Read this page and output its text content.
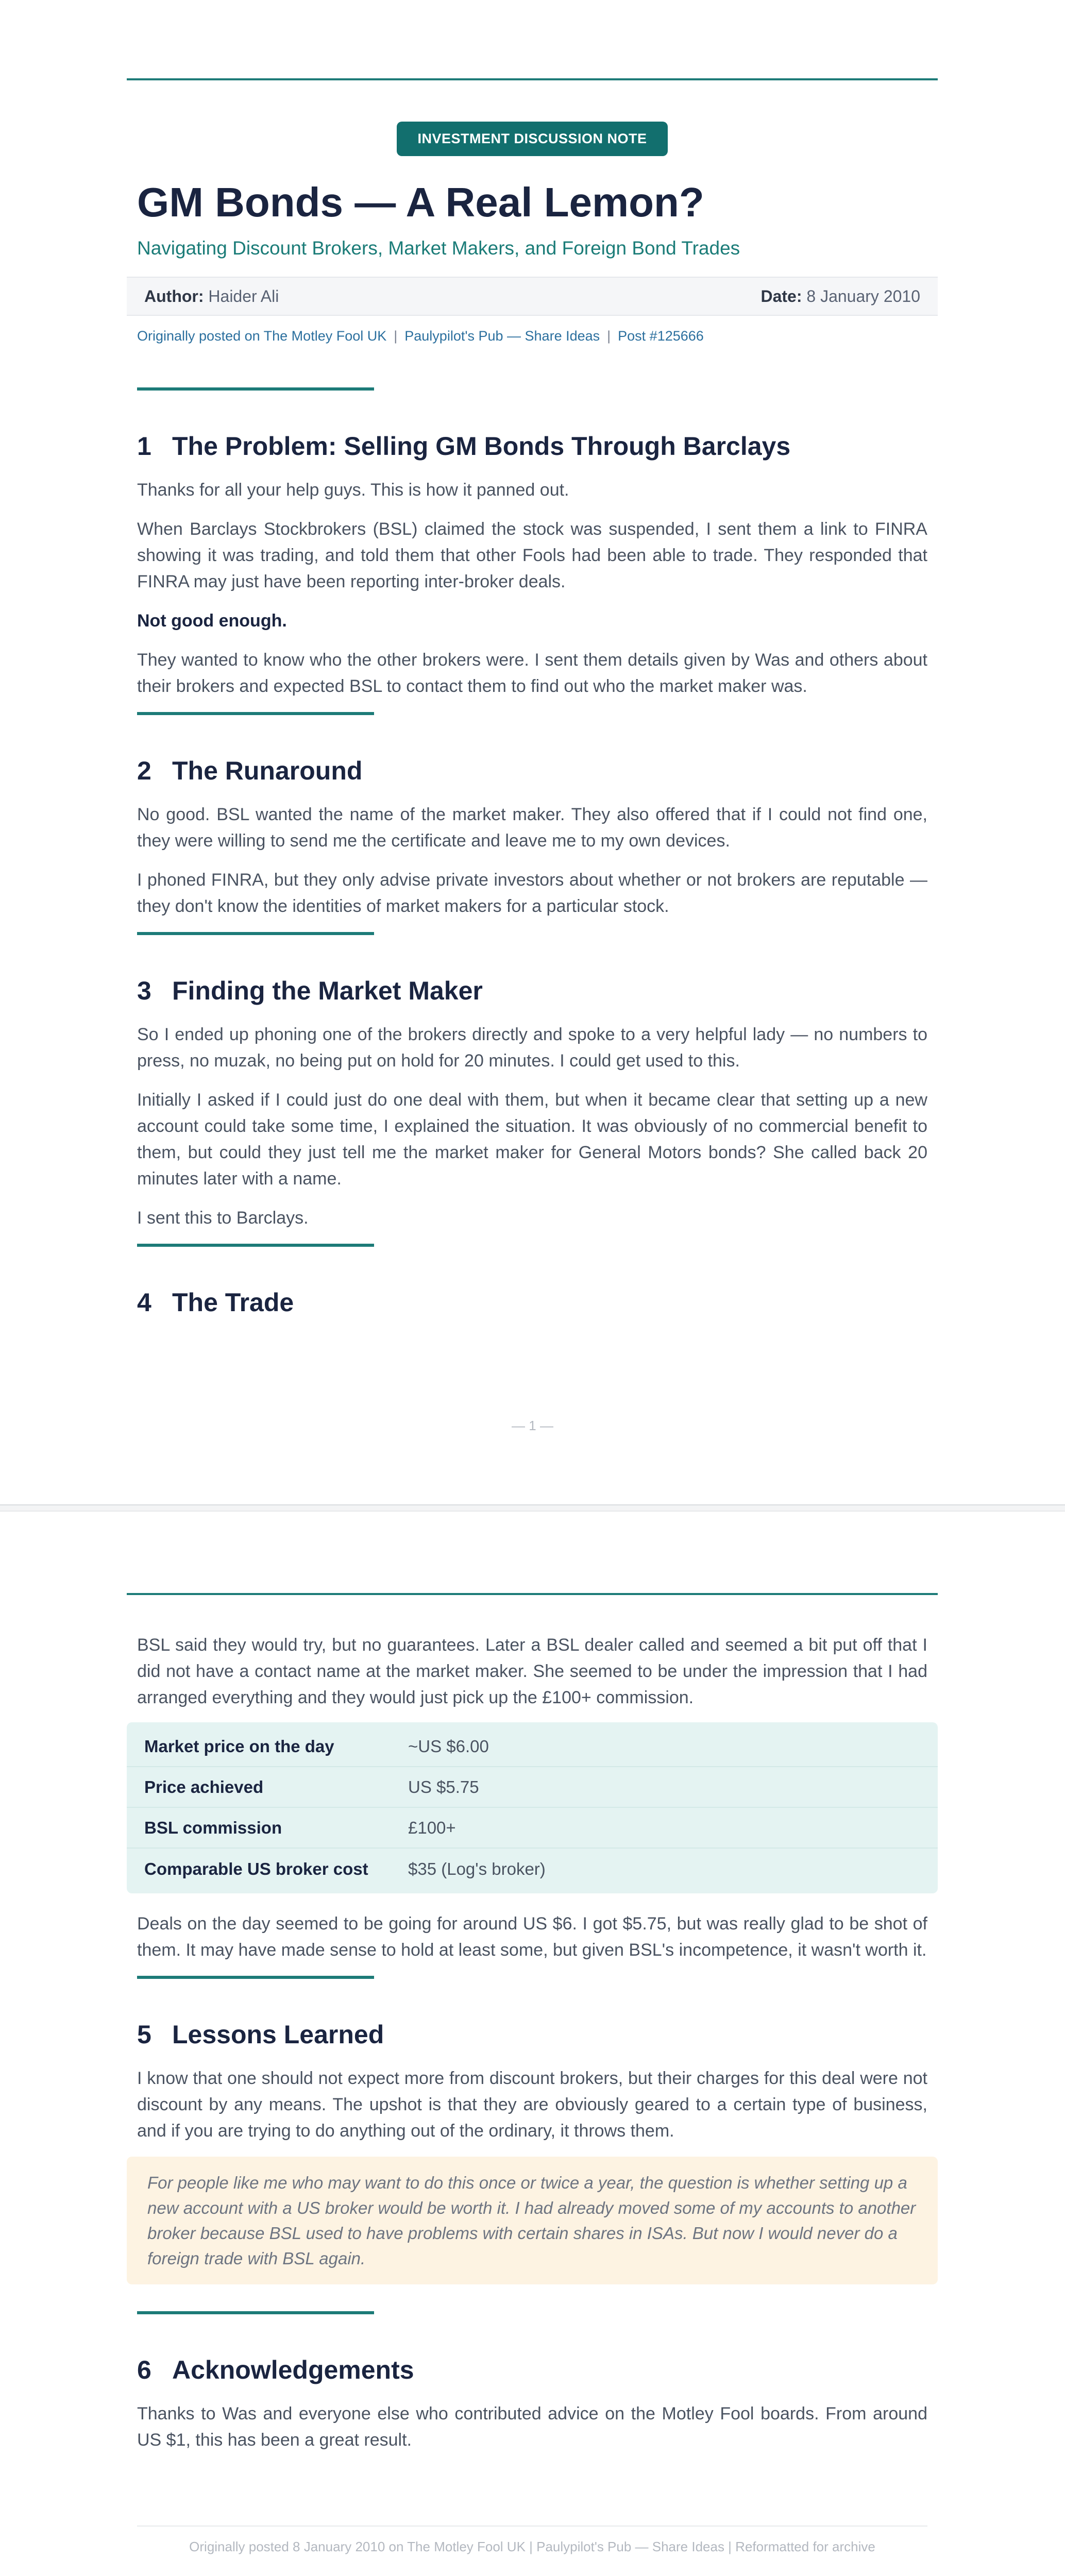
INVESTMENT DISCUSSION NOTE
GM Bonds — A Real Lemon?
Navigating Discount Brokers, Market Makers, and Foreign Bond Trades
Author: Haider Ali	Date: 8 January 2010
Originally posted on The Motley Fool UK | Paulypilot's Pub — Share Ideas | Post #125666
1 The Problem: Selling GM Bonds Through Barclays

Thanks for all your help guys. This is how it panned out.

When Barclays Stockbrokers (BSL) claimed the stock was suspended, I sent them a link to FINRA showing it was trading, and told them that other Fools had been able to trade. They responded that FINRA may just have been reporting inter-broker deals.

Not good enough.

They wanted to know who the other brokers were. I sent them details given by Was and others about their brokers and expected BSL to contact them to find out who the market maker was.

2 The Runaround

No good. BSL wanted the name of the market maker. They also offered that if I could not find one, they were willing to send me the certificate and leave me to my own devices.

I phoned FINRA, but they only advise private investors about whether or not brokers are reputable — they don't know the identities of market makers for a particular stock.

3 Finding the Market Maker

So I ended up phoning one of the brokers directly and spoke to a very helpful lady — no numbers to press, no muzak, no being put on hold for 20 minutes. I could get used to this.

Initially I asked if I could just do one deal with them, but when it became clear that setting up a new account could take some time, I explained the situation. It was obviously of no commercial benefit to them, but could they just tell me the market maker for General Motors bonds? She called back 20 minutes later with a name.

I sent this to Barclays.

4 The Trade
— 1 —

BSL said they would try, but no guarantees. Later a BSL dealer called and seemed a bit put off that I did not have a contact name at the market maker. She seemed to be under the impression that I had arranged everything and they would just pick up the £100+ commission.

Market price on the day	~US $6.00
Price achieved	US $5.75
BSL commission	£100+
Comparable US broker cost	$35 (Log's broker)

Deals on the day seemed to be going for around US $6. I got $5.75, but was really glad to be shot of them. It may have made sense to hold at least some, but given BSL's incompetence, it wasn't worth it.

5 Lessons Learned

I know that one should not expect more from discount brokers, but their charges for this deal were not discount by any means. The upshot is that they are obviously geared to a certain type of business, and if you are trying to do anything out of the ordinary, it throws them.

For people like me who may want to do this once or twice a year, the question is whether setting up a new account with a US broker would be worth it. I had already moved some of my accounts to another broker because BSL used to have problems with certain shares in ISAs. But now I would never do a foreign trade with BSL again.
6 Acknowledgements

Thanks to Was and everyone else who contributed advice on the Motley Fool boards. From around US $1, this has been a great result.

Originally posted 8 January 2010 on The Motley Fool UK | Paulypilot's Pub — Share Ideas | Reformatted for archive
